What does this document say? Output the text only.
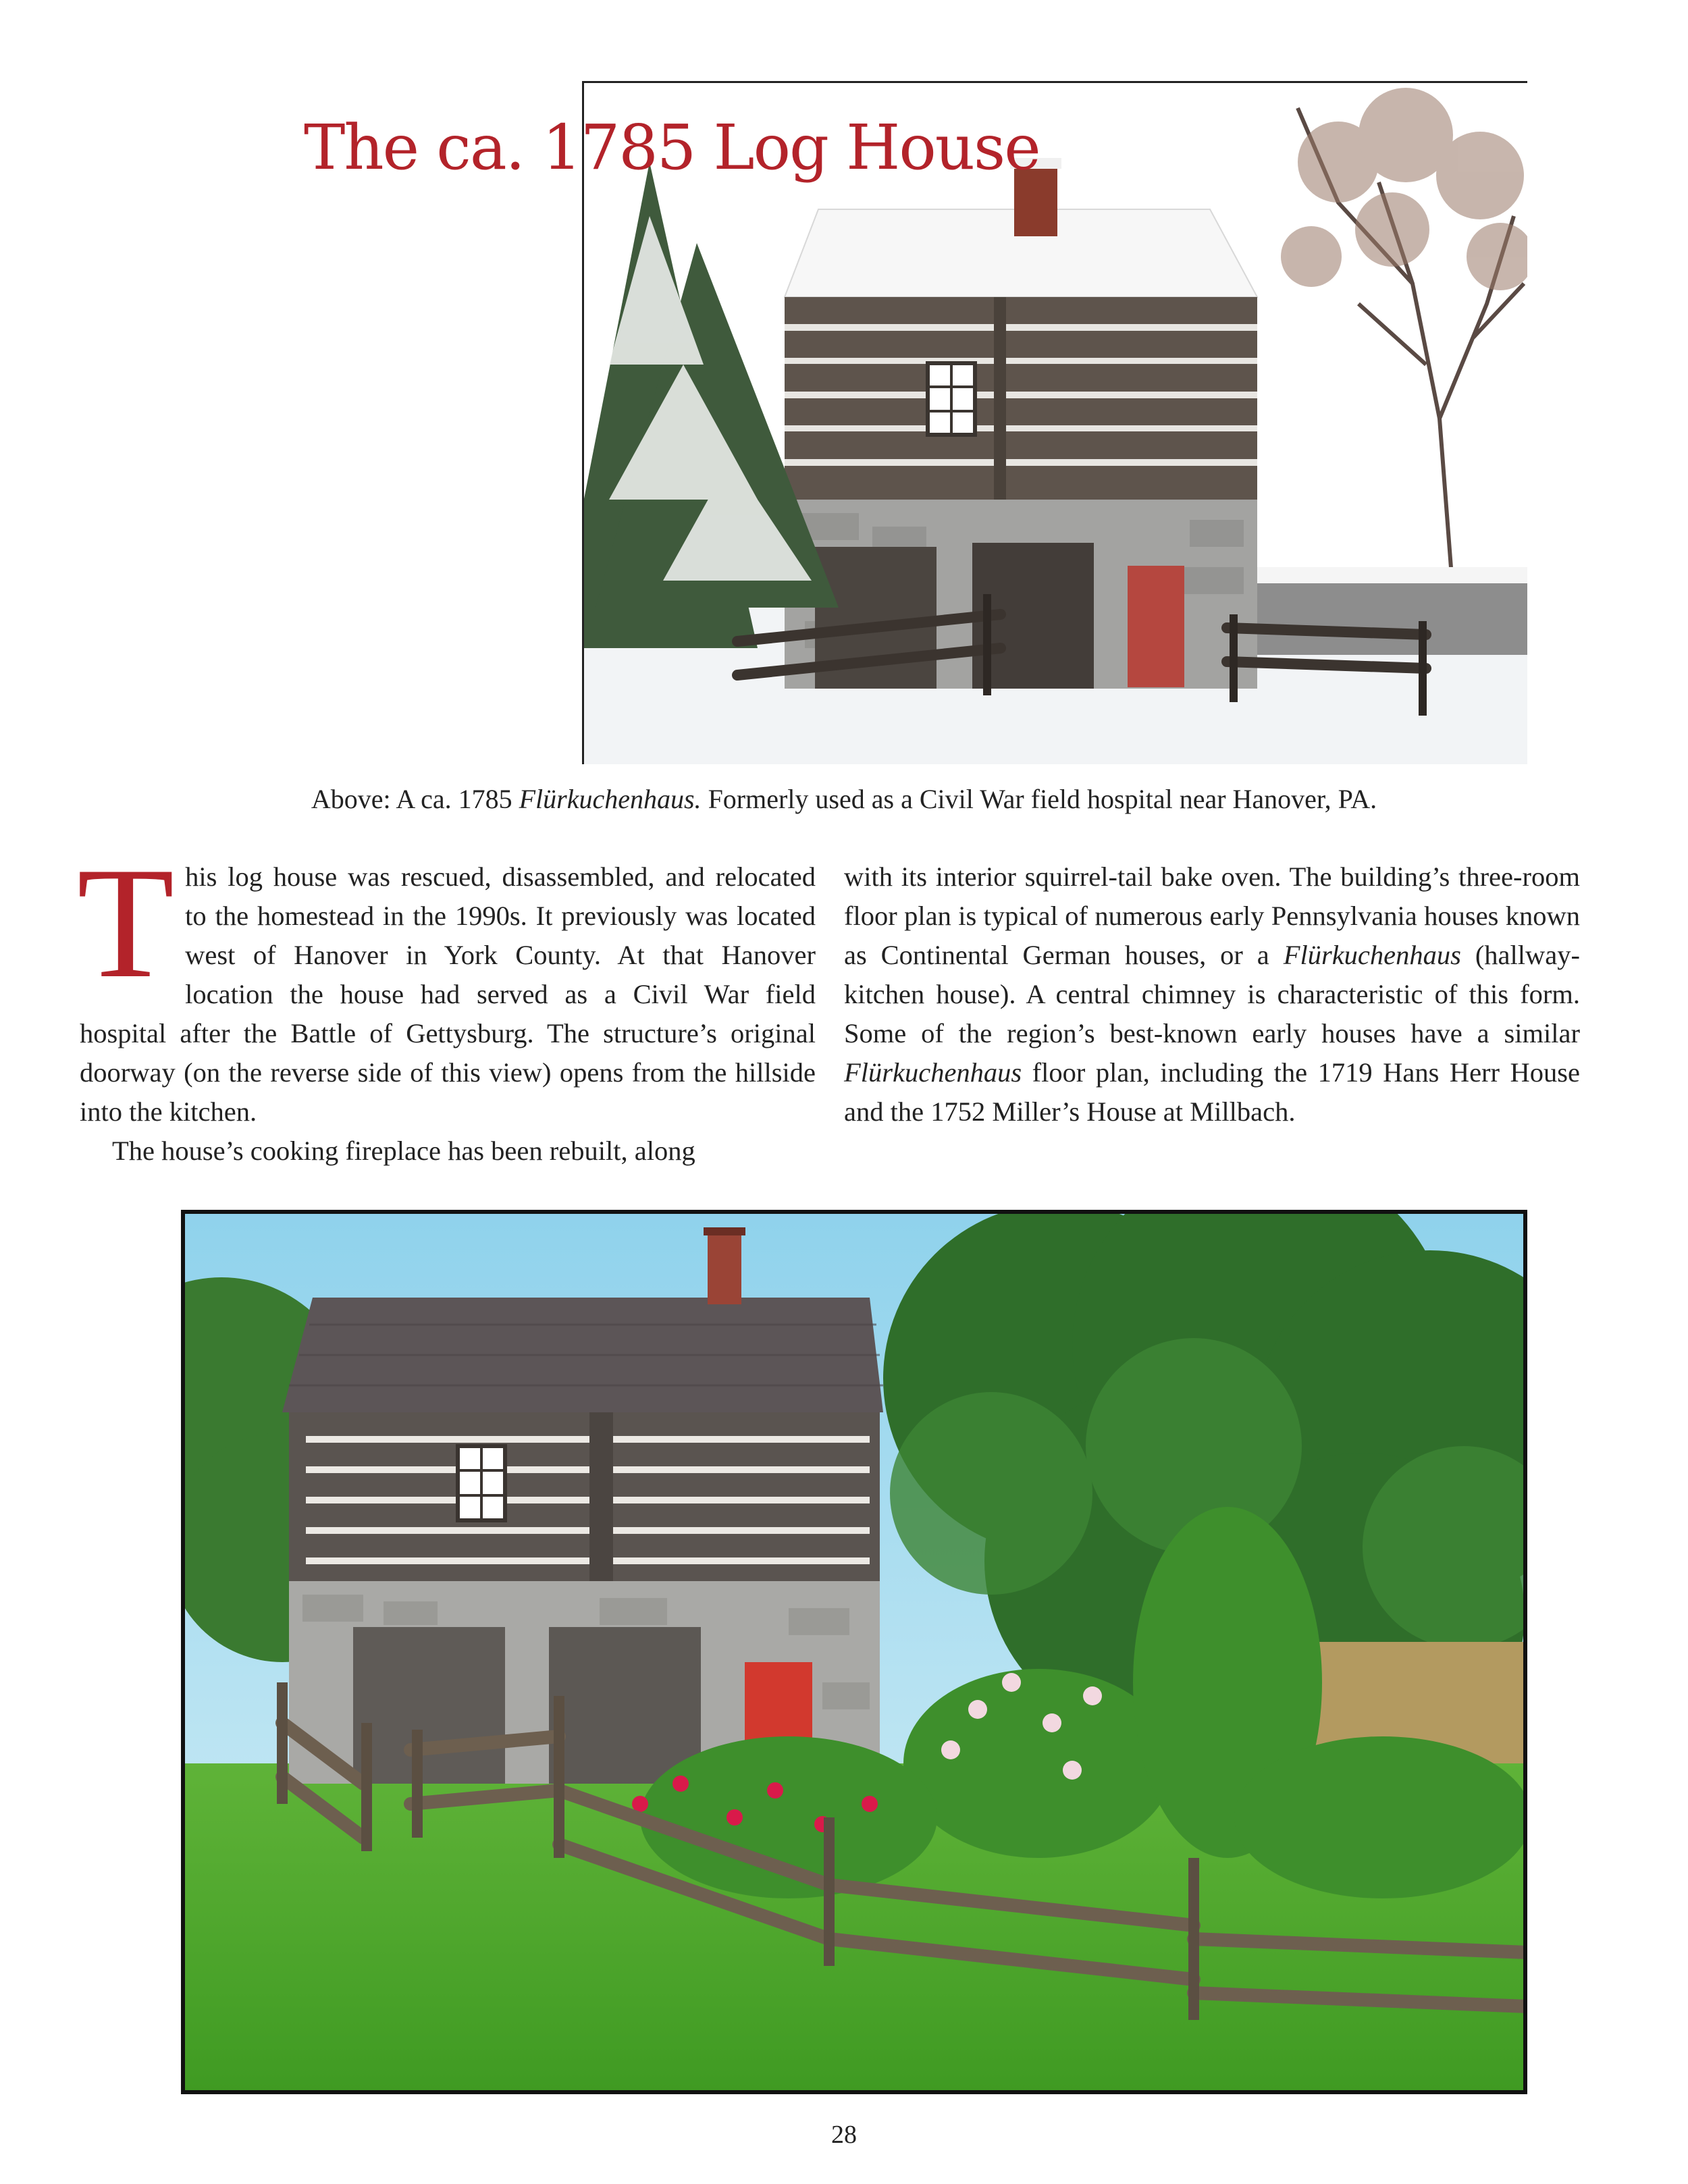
The ca. 1785 Log House

Above: A ca. 1785 Flürkuchenhaus. Formerly used as a Civil War field hospital near Hanover, PA.

This log house was rescued, disassembled, and relocated to the homestead in the 1990s. It previously was located west of Hanover in York County. At that Hanover location the house had served as a Civil War field hospital after the Battle of Gettysburg. The structure’s original doorway (on the reverse side of this view) opens from the hillside into the kitchen.

The house’s cooking fireplace has been rebuilt, along

with its interior squirrel-tail bake oven. The building’s three-room floor plan is typical of numerous early Pennsylvania houses known as Continental German houses, or a Flürkuchenhaus (hallway-kitchen house). A central chimney is characteristic of this form. Some of the region’s best-known early houses have a similar Flürkuchenhaus floor plan, including the 1719 Hans Herr House and the 1752 Miller’s House at Millbach.

28
